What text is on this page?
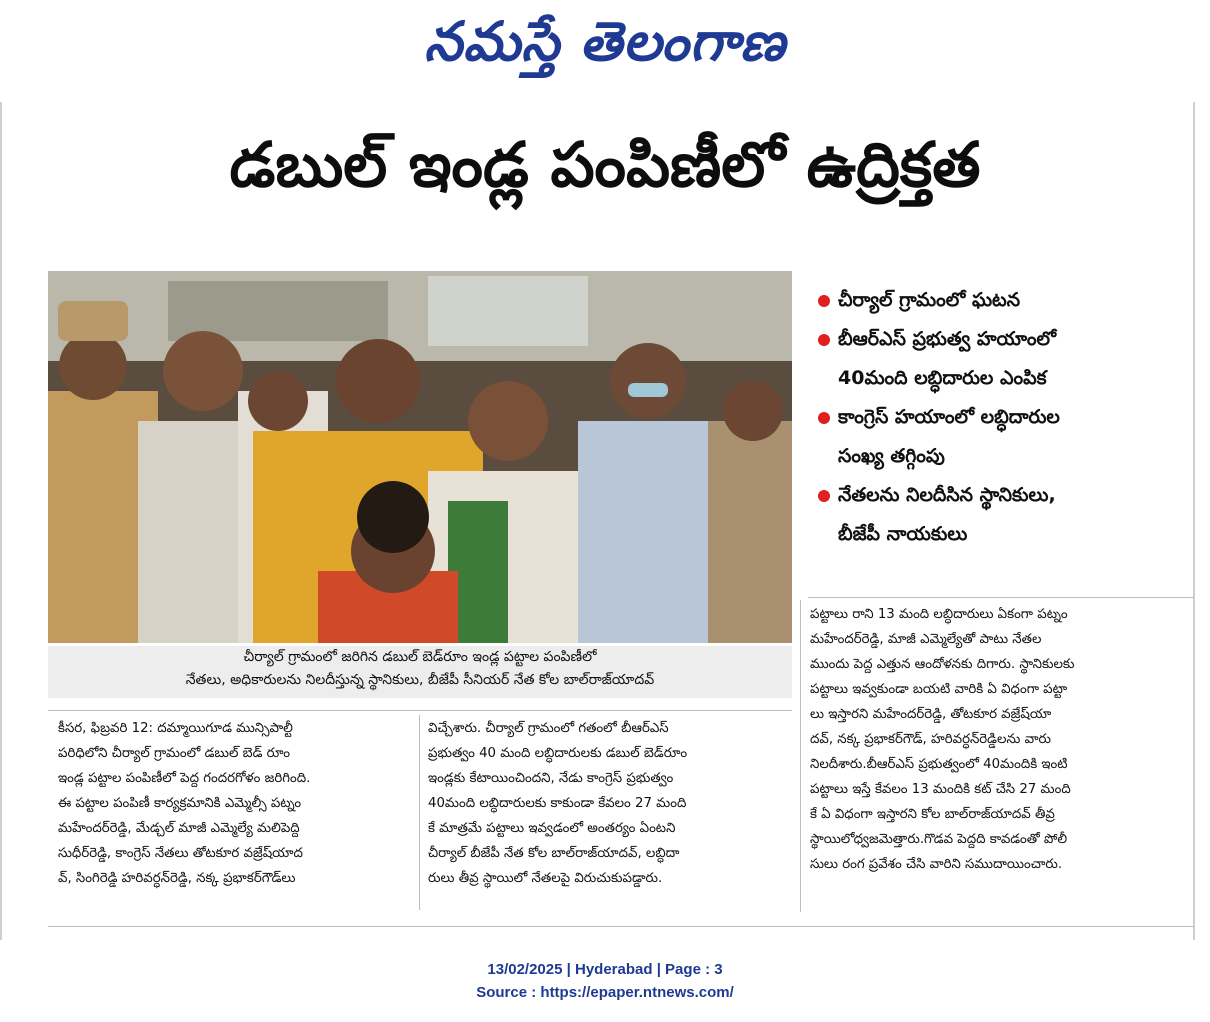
నమస్తే తెలంగాణ
డబుల్ ఇండ్ల పంపిణీలో ఉద్రిక్తత
చీర్యాల్ గ్రామంలో జరిగిన డబుల్ బెడ్‌రూం ఇండ్ల పట్టాల పంపిణీలో
నేతలు, అధికారులను నిలదీస్తున్న స్థానికులు, బీజేపీ సీనియర్ నేత కోల బాల్‌రాజ్‌యాదవ్
చీర్యాల్ గ్రామంలో ఘటన
బీఆర్ఎస్ ప్రభుత్వ హయాంలో
40మంది లబ్ధిదారుల ఎంపిక
కాంగ్రెస్ హయాంలో లబ్ధిదారుల
సంఖ్య తగ్గింపు
నేతలను నిలదీసిన స్థానికులు,
బీజేపీ నాయకులు
కీసర, ఫిబ్రవరి 12: దమ్మాయిగూడ మున్సిపాల్టీ
పరిధిలోని చీర్యాల్ గ్రామంలో డబుల్ బెడ్ రూం
ఇండ్ల పట్టాల పంపిణీలో పెద్ద గందరగోళం జరిగింది.
ఈ పట్టాల పంపిణీ కార్యక్రమానికి ఎమ్మెల్సీ పట్నం
మహేందర్‌రెడ్డి, మేడ్చల్ మాజీ ఎమ్మెల్యే మలిపెద్ది
సుధీర్‌రెడ్డి, కాంగ్రెస్ నేతలు తోటకూర వజ్రేష్‌యాద
వ్, సింగిరెడ్డి హరివర్ధన్‌రెడ్డి, నక్క ప్రభాకర్‌గౌడ్‌లు
విచ్చేశారు. చీర్యాల్ గ్రామంలో గతంలో బీఆర్ఎస్
ప్రభుత్వం 40 మంది లబ్ధిదారులకు డబుల్ బెడ్‌రూం
ఇండ్లకు కేటాయించిందని, నేడు కాంగ్రెస్ ప్రభుత్వం
40మంది లబ్ధిదారులకు కాకుండా కేవలం 27 మంది
కే మాత్రమే పట్టాలు ఇవ్వడంలో అంతర్యం ఏంటని
చీర్యాల్ బీజేపీ నేత కోల బాల్‌రాజ్‌యాదవ్, లబ్ధిదా
రులు తీవ్ర స్థాయిలో నేతలపై విరుచుకుపడ్డారు.
పట్టాలు రాని 13 మంది లబ్ధిదారులు ఏకంగా పట్నం
మహేందర్‌రెడ్డి, మాజీ ఎమ్మెల్యేతో పాటు నేతల
ముందు పెద్ద ఎత్తున ఆందోళనకు దిగారు. స్థానికులకు
పట్టాలు ఇవ్వకుండా బయటి వారికి ఏ విధంగా పట్టా
లు ఇస్తారని మహేందర్‌రెడ్డి, తోటకూర వజ్రేష్‌యా
దవ్, నక్క ప్రభాకర్‌గౌడ్, హరివర్ధన్‌రెడ్డిలను వారు
నిలదీశారు.బీఆర్ఎస్ ప్రభుత్వంలో 40మందికి ఇంటి
పట్టాలు ఇస్తే కేవలం 13 మందికి కట్ చేసి 27 మంది
కే ఏ విధంగా ఇస్తారని కోల బాల్‌రాజ్‌యాదవ్ తీవ్ర
స్థాయిలోధ్వజమెత్తారు.గొడవ పెద్దది కావడంతో పోలీ
సులు రంగ ప్రవేశం చేసి వారిని సముదాయించారు.
13/02/2025 | Hyderabad | Page : 3
Source : https://epaper.ntnews.com/
